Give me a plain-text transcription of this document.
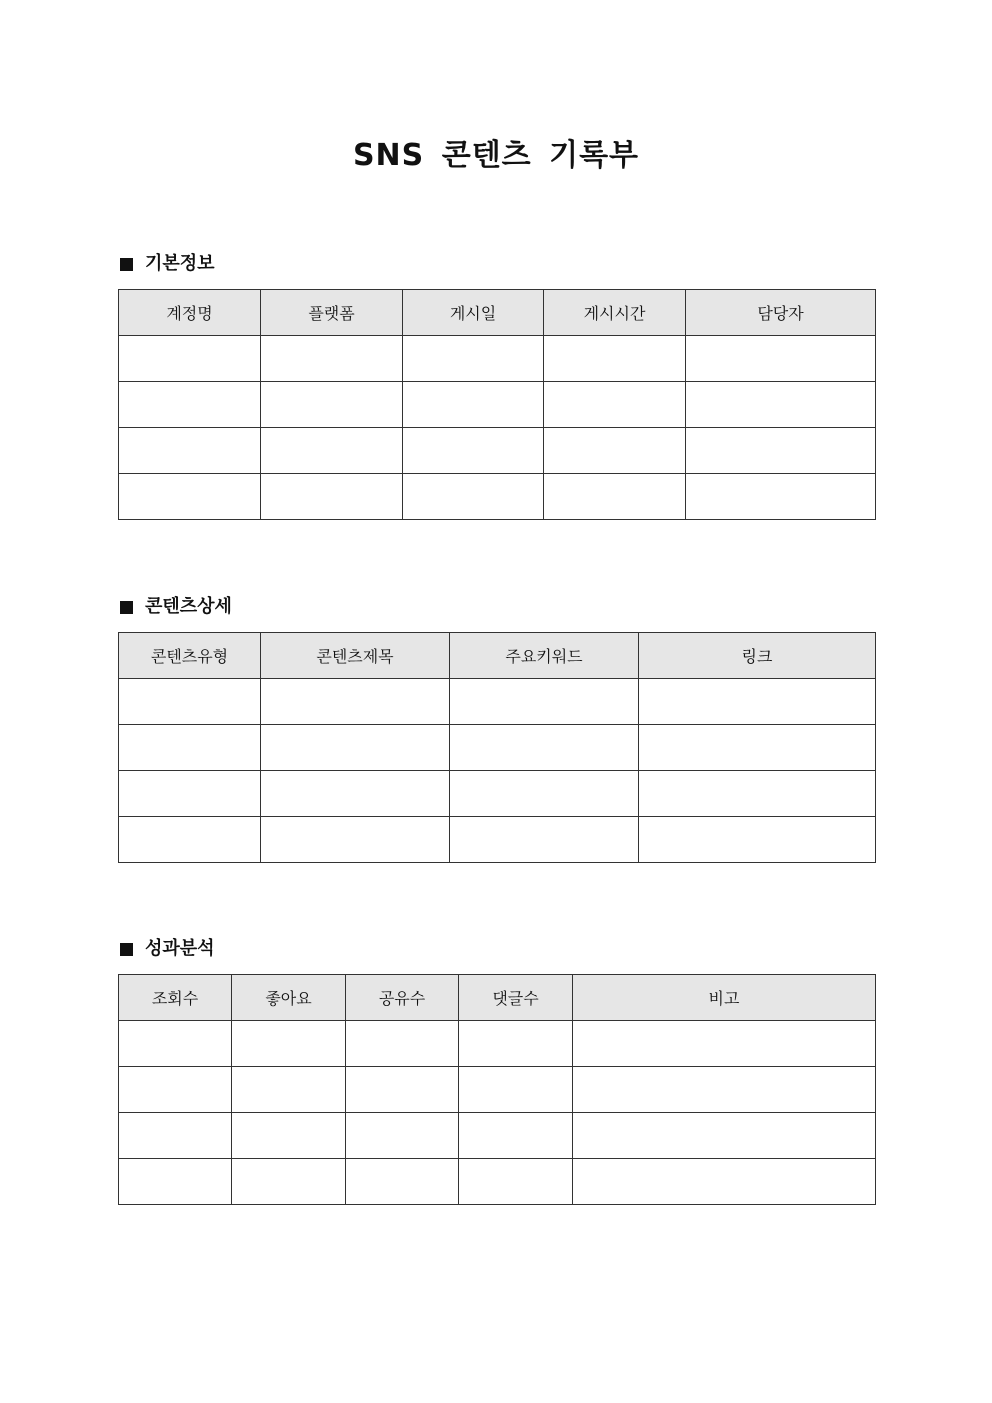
SNS 콘텐츠 기록부
기본정보
계정명	플랫폼	게시일	게시시간	담당자

콘텐츠상세
콘텐츠유형	콘텐츠제목	주요키워드	링크

성과분석
조회수	좋아요	공유수	댓글수	비고
